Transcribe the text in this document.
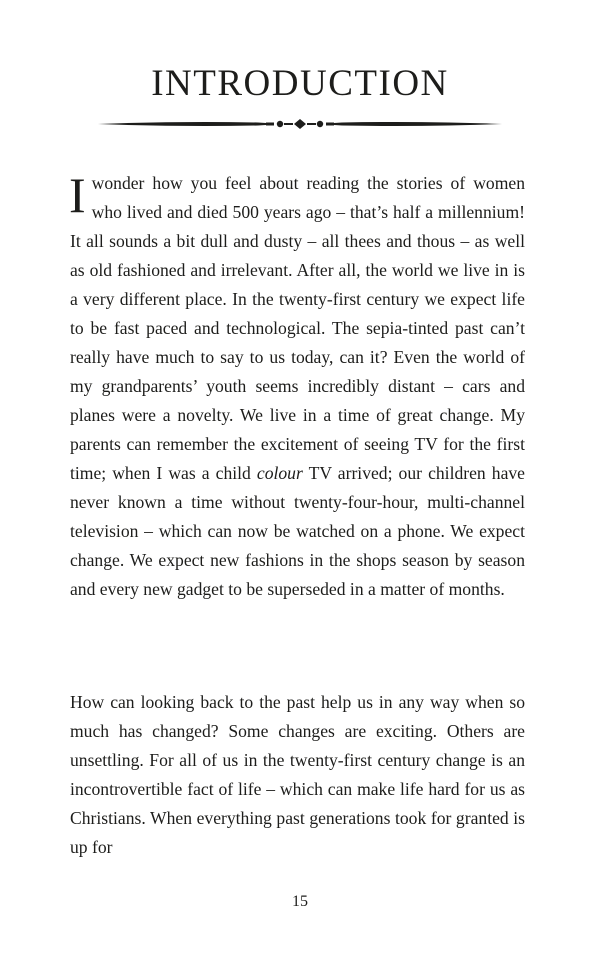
INTRODUCTION

I wonder how you feel about reading the stories of women who lived and died 500 years ago – that’s half a millennium! It all sounds a bit dull and dusty – all thees and thous – as well as old fashioned and irrelevant. After all, the world we live in is a very different place. In the twenty-first century we expect life to be fast paced and technological. The sepia-tinted past can’t really have much to say to us today, can it? Even the world of my grandparents’ youth seems incredibly distant – cars and planes were a novelty. We live in a time of great change. My parents can remember the excitement of seeing TV for the first time; when I was a child colour TV arrived; our children have never known a time without twenty-four-hour, multi-channel television – which can now be watched on a phone. We expect change. We expect new fashions in the shops season by season and every new gadget to be superseded in a matter of months.

How can looking back to the past help us in any way when so much has changed? Some changes are exciting. Others are unsettling. For all of us in the twenty-first century change is an incontrovertible fact of life – which can make life hard for us as Christians. When everything past generations took for granted is up for

15
